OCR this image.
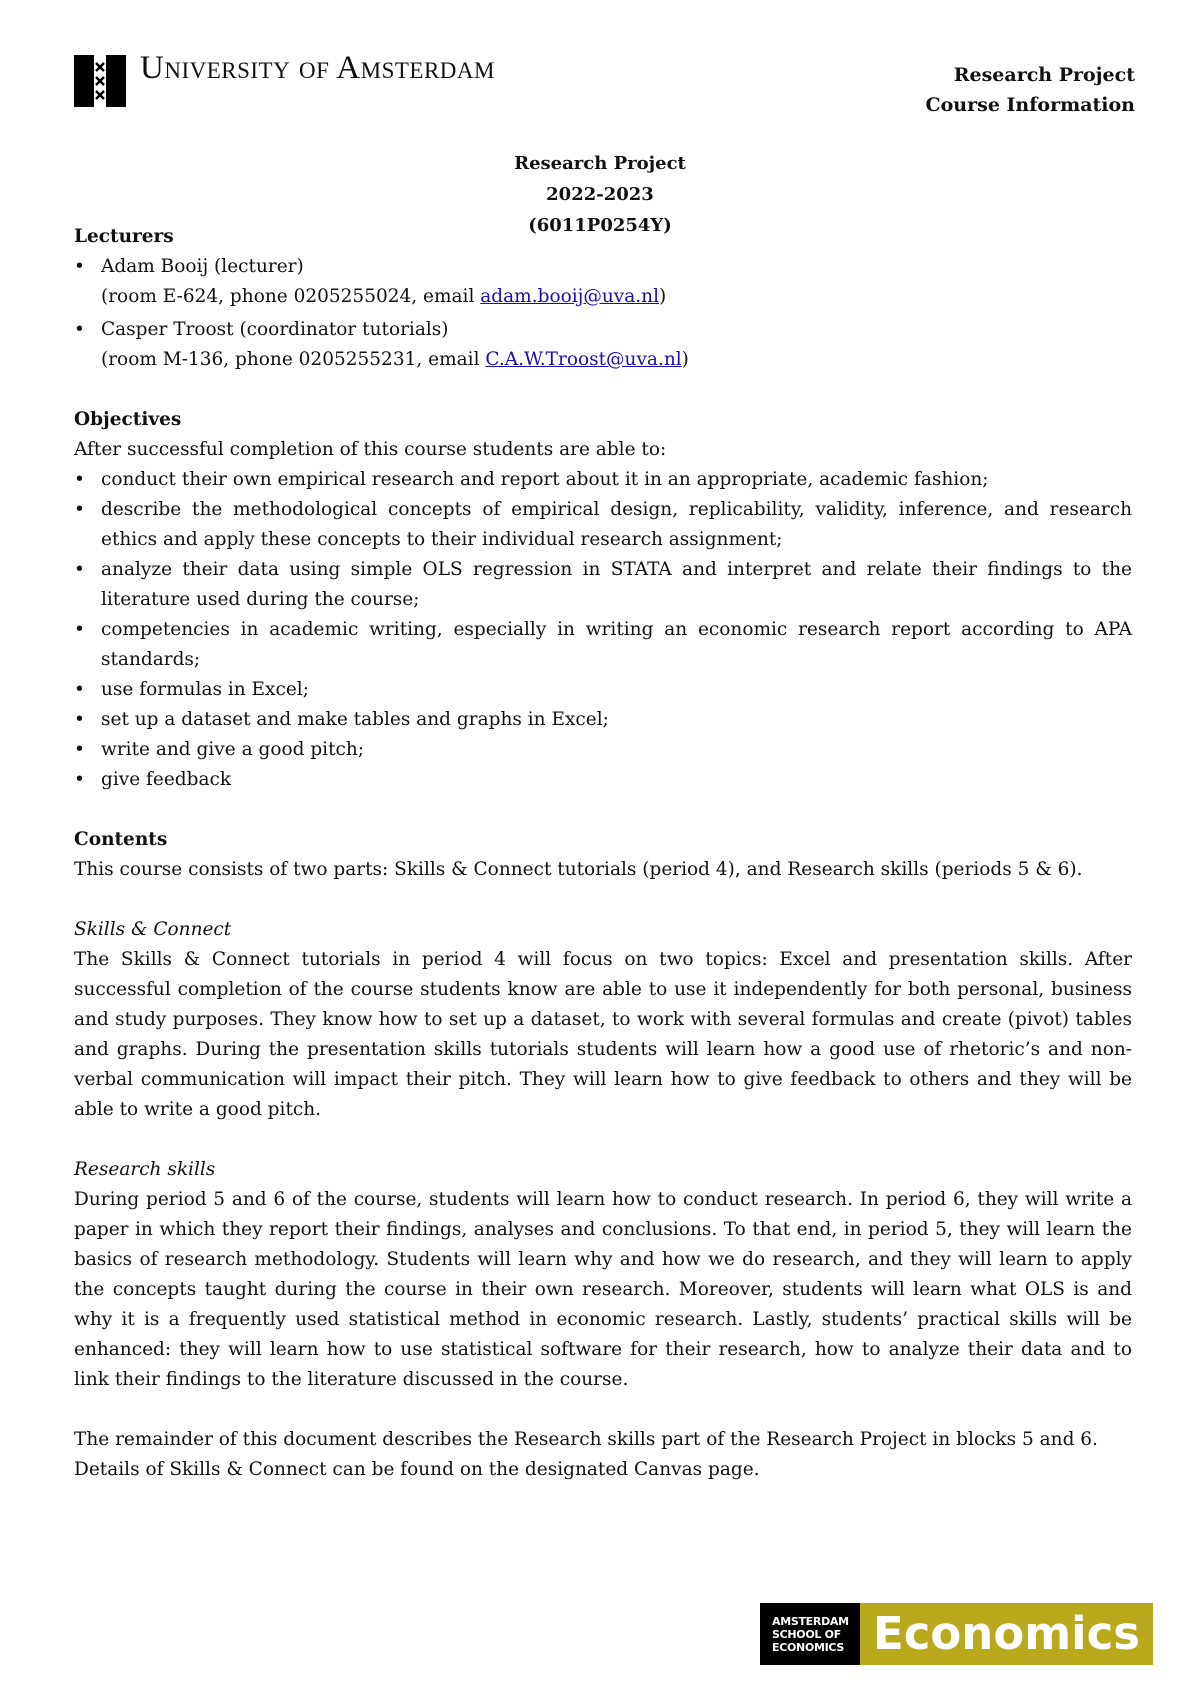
University of Amsterdam	Research Project
Course Information
Research Project
2022-2023
(6011P0254Y)
Lecturers
• Adam Booij (lecturer)
(room E-624, phone 0205255024, email adam.booij@uva.nl)
• Casper Troost (coordinator tutorials)
(room M-136, phone 0205255231, email C.A.W.Troost@uva.nl)
Objectives
After successful completion of this course students are able to:
• conduct their own empirical research and report about it in an appropriate, academic fashion;
• describe the methodological concepts of empirical design, replicability, validity, inference, and research ethics and apply these concepts to their individual research assignment;
• analyze their data using simple OLS regression in STATA and interpret and relate their findings to the literature used during the course;
• competencies in academic writing, especially in writing an economic research report according to APA standards;
• use formulas in Excel;
• set up a dataset and make tables and graphs in Excel;
• write and give a good pitch;
• give feedback
Contents
This course consists of two parts: Skills & Connect tutorials (period 4), and Research skills (periods 5 & 6).
Skills & Connect
The Skills & Connect tutorials in period 4 will focus on two topics: Excel and presentation skills. After successful completion of the course students know are able to use it independently for both personal, business and study purposes. They know how to set up a dataset, to work with several formulas and create (pivot) tables and graphs. During the presentation skills tutorials students will learn how a good use of rhetoric’s and non-verbal communication will impact their pitch. They will learn how to give feedback to others and they will be able to write a good pitch.
Research skills
During period 5 and 6 of the course, students will learn how to conduct research. In period 6, they will write a paper in which they report their findings, analyses and conclusions. To that end, in period 5, they will learn the basics of research methodology. Students will learn why and how we do research, and they will learn to apply the concepts taught during the course in their own research. Moreover, students will learn what OLS is and why it is a frequently used statistical method in economic research. Lastly, students’ practical skills will be enhanced: they will learn how to use statistical software for their research, how to analyze their data and to link their findings to the literature discussed in the course.
The remainder of this document describes the Research skills part of the Research Project in blocks 5 and 6.
Details of Skills & Connect can be found on the designated Canvas page.
AMSTERDAM
SCHOOL OF
ECONOMICS Economics
